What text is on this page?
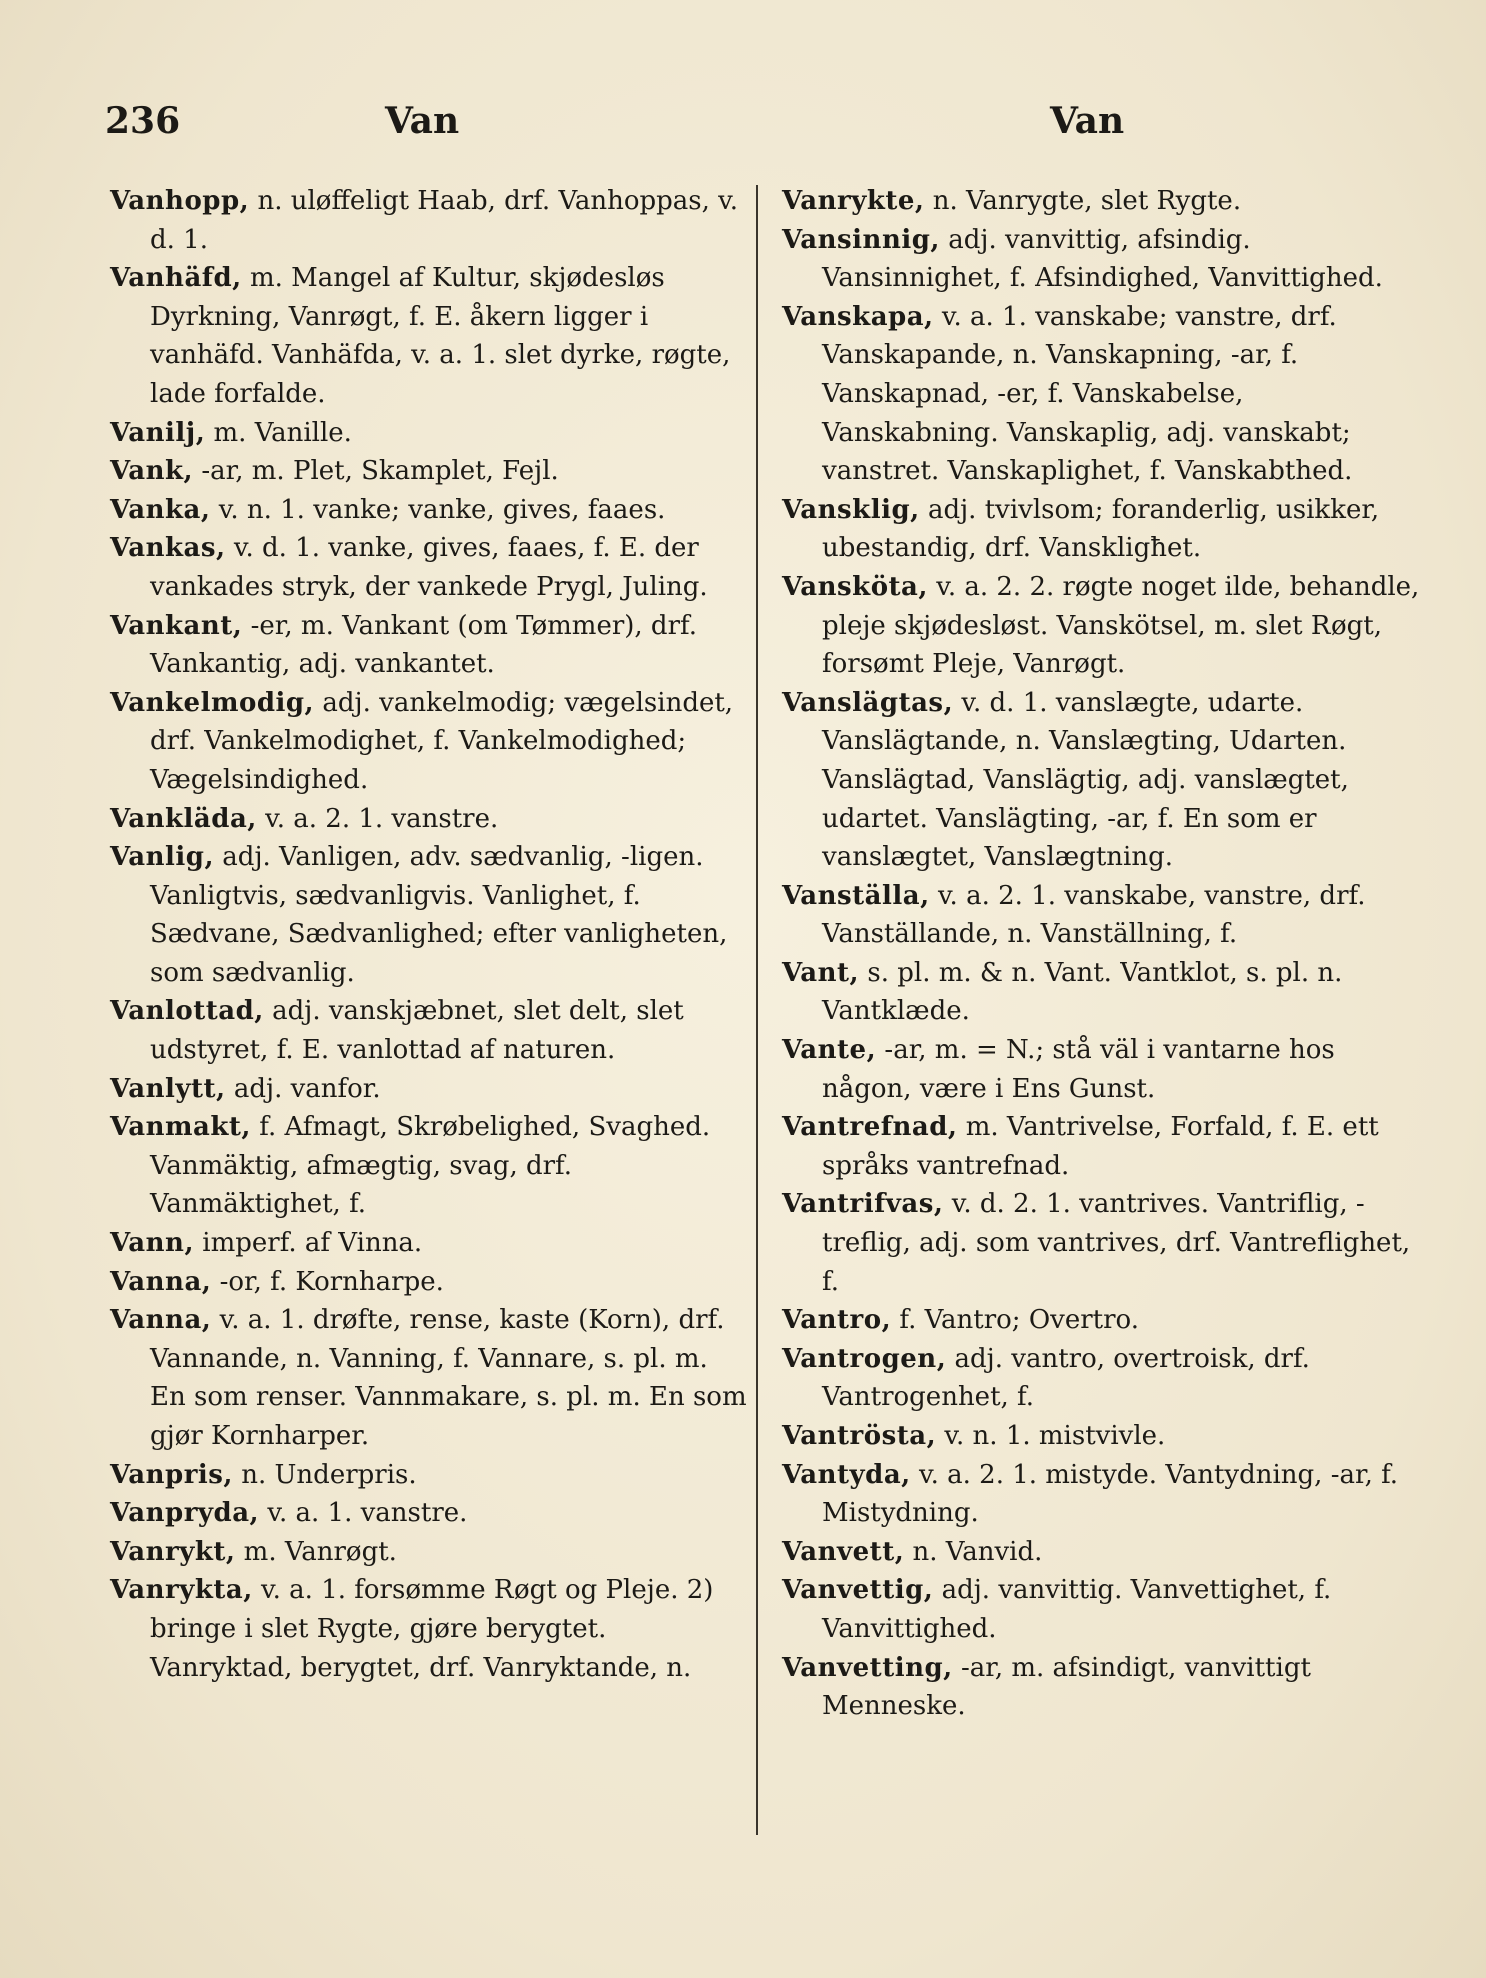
236	Van	Van

Vanhopp, n. uløffeligt Haab, drf. Vanhoppas, v. d. 1.

Vanhäfd, m. Mangel af Kultur, skjødesløs Dyrkning, Vanrøgt, f. E. åkern ligger i vanhäfd. Vanhäfda, v. a. 1. slet dyrke, røgte, lade forfalde.

Vanilj, m. Vanille.

Vank, -ar, m. Plet, Skamplet, Fejl.

Vanka, v. n. 1. vanke; vanke, gives, faaes.

Vankas, v. d. 1. vanke, gives, faaes, f. E. der vankades stryk, der vankede Prygl, Juling.

Vankant, -er, m. Vankant (om Tømmer), drf. Vankantig, adj. vankantet.

Vankelmodig, adj. vankelmodig; vægelsindet, drf. Vankelmodighet, f. Vankelmodighed; Vægelsindighed.

Vankläda, v. a. 2. 1. vanstre.

Vanlig, adj. Vanligen, adv. sædvanlig, -ligen. Vanligtvis, sædvanligvis. Vanlighet, f. Sædvane, Sædvanlighed; efter vanligheten, som sædvanlig.

Vanlottad, adj. vanskjæbnet, slet delt, slet udstyret, f. E. vanlottad af naturen.

Vanlytt, adj. vanfor.

Vanmakt, f. Afmagt, Skrøbelighed, Svaghed. Vanmäktig, afmægtig, svag, drf. Vanmäktighet, f.

Vann, imperf. af Vinna.

Vanna, -or, f. Kornharpe.

Vanna, v. a. 1. drøfte, rense, kaste (Korn), drf. Vannande, n. Vanning, f. Vannare, s. pl. m. En som renser. Vannmakare, s. pl. m. En som gjør Kornharper.

Vanpris, n. Underpris.

Vanpryda, v. a. 1. vanstre.

Vanrykt, m. Vanrøgt.

Vanrykta, v. a. 1. forsømme Røgt og Pleje. 2) bringe i slet Rygte, gjøre berygtet. Vanryktad, berygtet, drf. Vanryktande, n.

Vanrykte, n. Vanrygte, slet Rygte.

Vansinnig, adj. vanvittig, afsindig. Vansinnighet, f. Afsindighed, Vanvittighed.

Vanskapa, v. a. 1. vanskabe; vanstre, drf. Vanskapande, n. Vanskapning, -ar, f. Vanskapnad, -er, f. Vanskabelse, Vanskabning. Vanskaplig, adj. vanskabt; vanstret. Vanskaplighet, f. Vanskabthed.

Vansklig, adj. tvivlsom; foranderlig, usikker, ubestandig, drf. Vanskligħet.

Vansköta, v. a. 2. 2. røgte noget ilde, behandle, pleje skjødesløst. Vanskötsel, m. slet Røgt, forsømt Pleje, Vanrøgt.

Vanslägtas, v. d. 1. vanslægte, udarte. Vanslägtande, n. Vanslægting, Udarten. Vanslägtad, Vanslägtig, adj. vanslægtet, udartet. Vanslägting, -ar, f. En som er vanslægtet, Vanslægtning.

Vanställa, v. a. 2. 1. vanskabe, vanstre, drf. Vanställande, n. Vanställning, f.

Vant, s. pl. m. & n. Vant. Vantklot, s. pl. n. Vantklæde.

Vante, -ar, m. = N.; stå väl i vantarne hos någon, være i Ens Gunst.

Vantrefnad, m. Vantrivelse, Forfald, f. E. ett språks vantrefnad.

Vantrifvas, v. d. 2. 1. vantrives. Vantriflig, -treflig, adj. som vantrives, drf. Vantreflighet, f.

Vantro, f. Vantro; Overtro.

Vantrogen, adj. vantro, overtroisk, drf. Vantrogenhet, f.

Vantrösta, v. n. 1. mistvivle.

Vantyda, v. a. 2. 1. mistyde. Vantydning, -ar, f. Mistydning.

Vanvett, n. Vanvid.

Vanvettig, adj. vanvittig. Vanvettighet, f. Vanvittighed.

Vanvetting, -ar, m. afsindigt, vanvittigt Menneske.
